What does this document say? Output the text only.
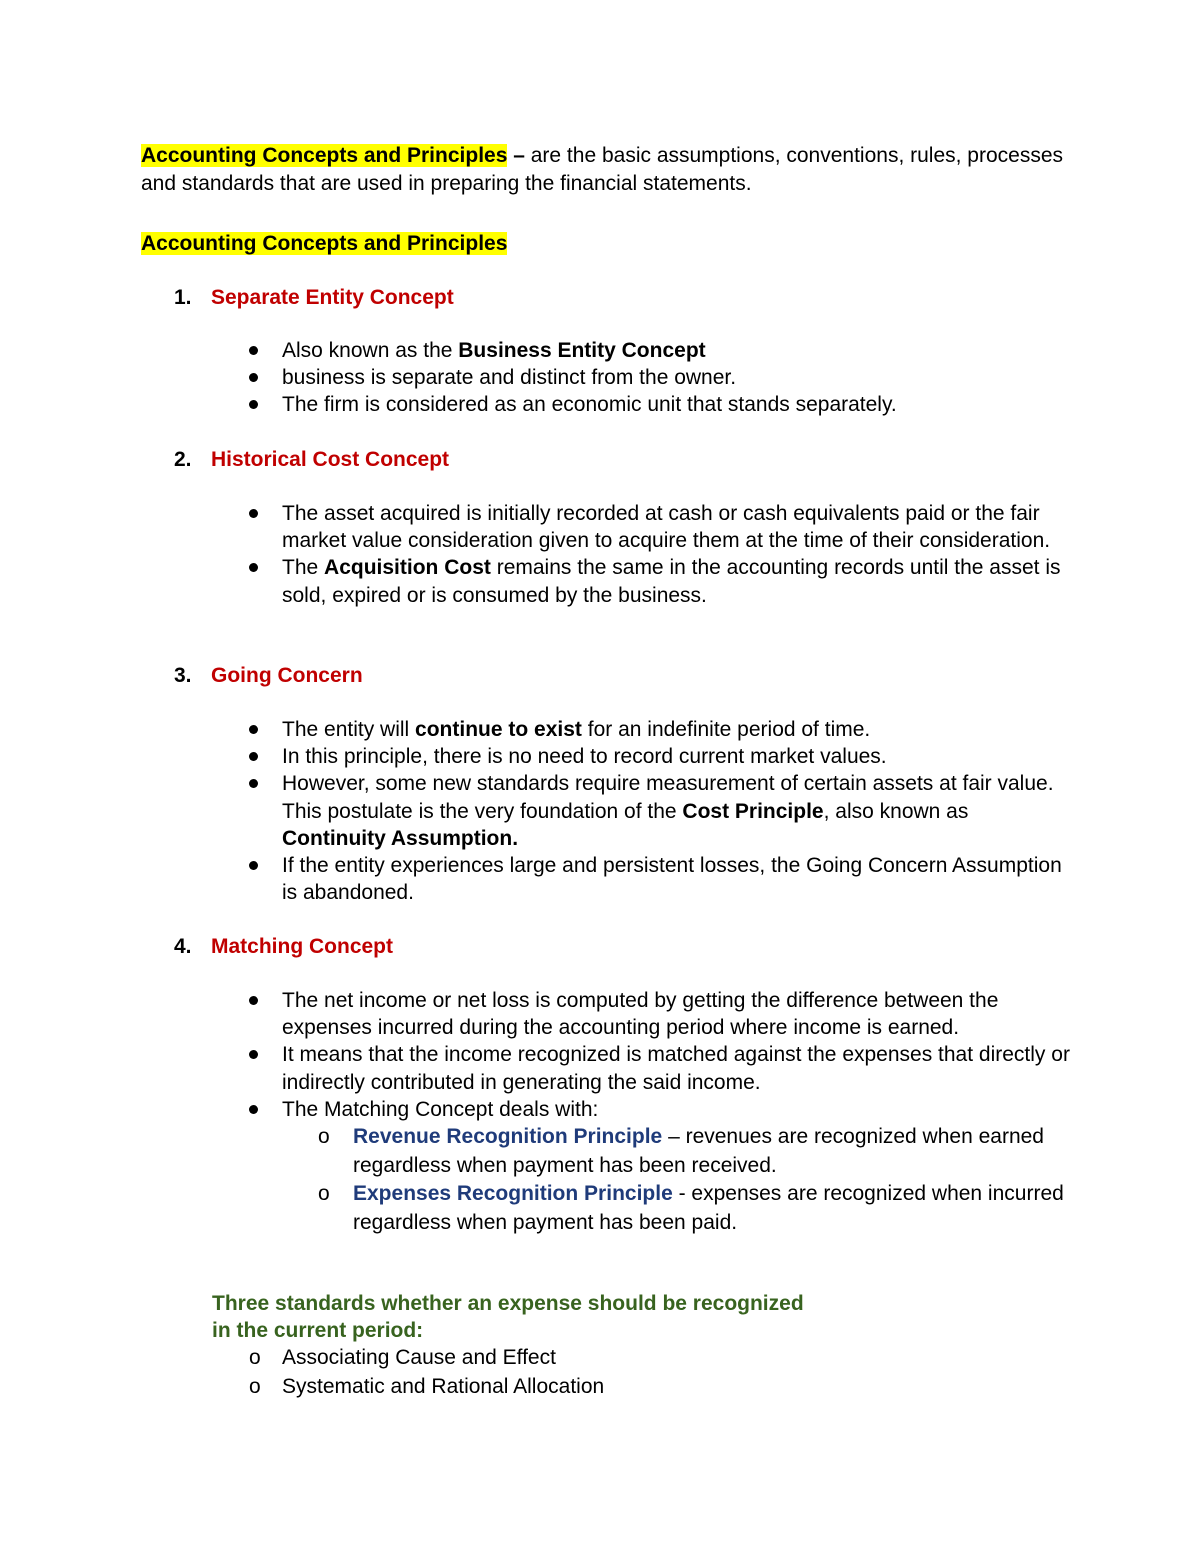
Accounting Concepts and Principles – are the basic assumptions, conventions, rules, processes and standards that are used in preparing the financial statements.
Accounting Concepts and Principles
1. Separate Entity Concept
Also known as the Business Entity Concept
business is separate and distinct from the owner.
The firm is considered as an economic unit that stands separately.
2. Historical Cost Concept
The asset acquired is initially recorded at cash or cash equivalents paid or the fair market value consideration given to acquire them at the time of their consideration.
The Acquisition Cost remains the same in the accounting records until the asset is sold, expired or is consumed by the business.
3. Going Concern
The entity will continue to exist for an indefinite period of time.
In this principle, there is no need to record current market values.
However, some new standards require measurement of certain assets at fair value. This postulate is the very foundation of the Cost Principle, also known as Continuity Assumption.
If the entity experiences large and persistent losses, the Going Concern Assumption is abandoned.
4. Matching Concept
The net income or net loss is computed by getting the difference between the expenses incurred during the accounting period where income is earned.
It means that the income recognized is matched against the expenses that directly or indirectly contributed in generating the said income.
The Matching Concept deals with:
o Revenue Recognition Principle – revenues are recognized when earned regardless when payment has been received.
o Expenses Recognition Principle - expenses are recognized when incurred regardless when payment has been paid.
Three standards whether an expense should be recognized
in the current period:
o Associating Cause and Effect
o Systematic and Rational Allocation
